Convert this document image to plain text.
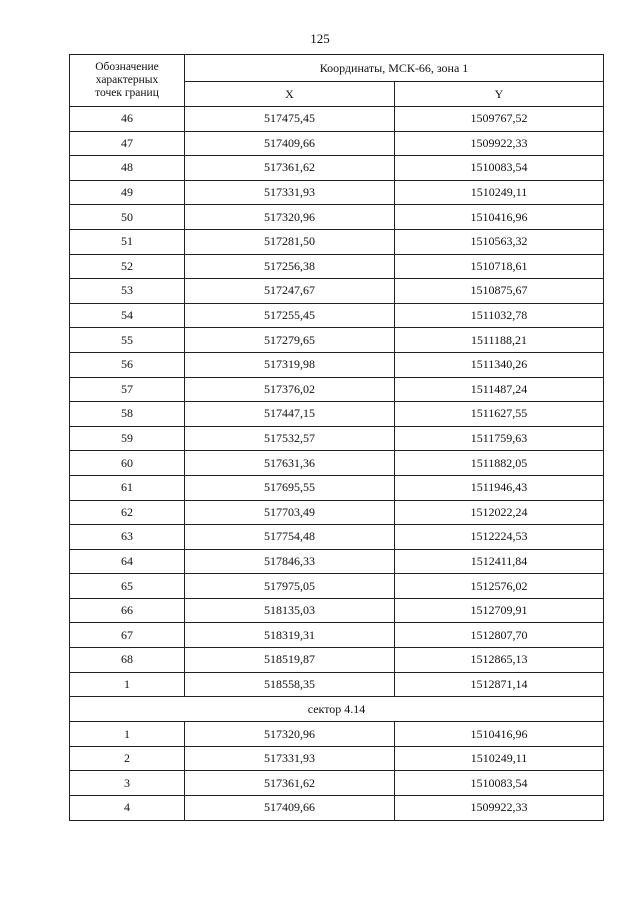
125
Обозначение
характерных
точек границ	Координаты, МСК-66, зона 1	
	X	Y
46	517475,45	1509767,52
47	517409,66	1509922,33
48	517361,62	1510083,54
49	517331,93	1510249,11
50	517320,96	1510416,96
51	517281,50	1510563,32
52	517256,38	1510718,61
53	517247,67	1510875,67
54	517255,45	1511032,78
55	517279,65	1511188,21
56	517319,98	1511340,26
57	517376,02	1511487,24
58	517447,15	1511627,55
59	517532,57	1511759,63
60	517631,36	1511882,05
61	517695,55	1511946,43
62	517703,49	1512022,24
63	517754,48	1512224,53
64	517846,33	1512411,84
65	517975,05	1512576,02
66	518135,03	1512709,91
67	518319,31	1512807,70
68	518519,87	1512865,13
1	518558,35	1512871,14
сектор 4.14		
1	517320,96	1510416,96
2	517331,93	1510249,11
3	517361,62	1510083,54
4	517409,66	1509922,33
